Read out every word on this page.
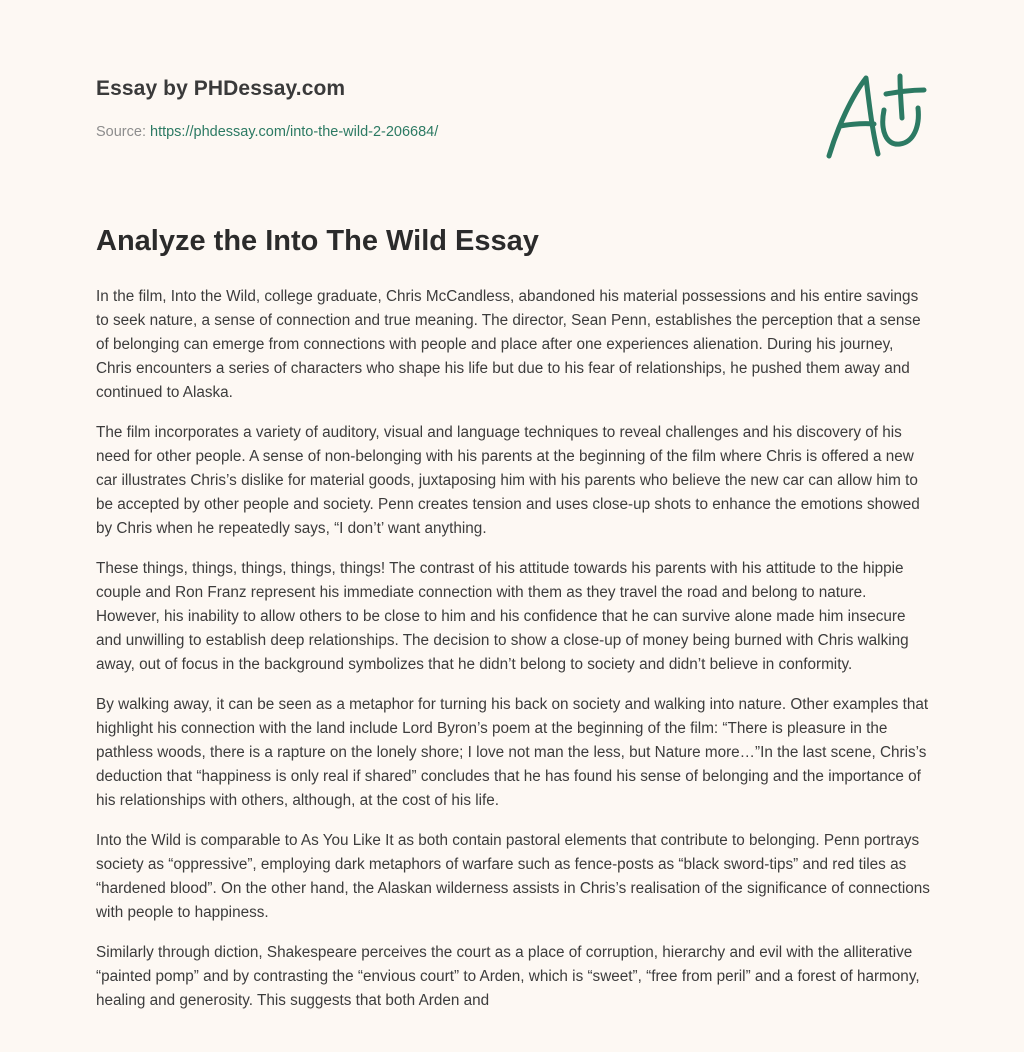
Essay by PHDessay.com
Source: https://phdessay.com/into-the-wild-2-206684/
Analyze the Into The Wild Essay

In the film, Into the Wild, college graduate, Chris McCandless, abandoned his material possessions and his entire savings to seek nature, a sense of connection and true meaning. The director, Sean Penn, establishes the perception that a sense of belonging can emerge from connections with people and place after one experiences alienation. During his journey, Chris encounters a series of characters who shape his life but due to his fear of relationships, he pushed them away and continued to Alaska.

The film incorporates a variety of auditory, visual and language techniques to reveal challenges and his discovery of his need for other people. A sense of non-belonging with his parents at the beginning of the film where Chris is offered a new car illustrates Chris’s dislike for material goods, juxtaposing him with his parents who believe the new car can allow him to be accepted by other people and society. Penn creates tension and uses close-up shots to enhance the emotions showed by Chris when he repeatedly says, “I don’t’ want anything.

These things, things, things, things, things! The contrast of his attitude towards his parents with his attitude to the hippie couple and Ron Franz represent his immediate connection with them as they travel the road and belong to nature. However, his inability to allow others to be close to him and his confidence that he can survive alone made him insecure and unwilling to establish deep relationships. The decision to show a close-up of money being burned with Chris walking away, out of focus in the background symbolizes that he didn’t belong to society and didn’t believe in conformity.

By walking away, it can be seen as a metaphor for turning his back on society and walking into nature. Other examples that highlight his connection with the land include Lord Byron’s poem at the beginning of the film: “There is pleasure in the pathless woods, there is a rapture on the lonely shore; I love not man the less, but Nature more…”In the last scene, Chris’s deduction that “happiness is only real if shared” concludes that he has found his sense of belonging and the importance of his relationships with others, although, at the cost of his life.

Into the Wild is comparable to As You Like It as both contain pastoral elements that contribute to belonging. Penn portrays society as “oppressive”, employing dark metaphors of warfare such as fence-posts as “black sword-tips” and red tiles as “hardened blood”. On the other hand, the Alaskan wilderness assists in Chris’s realisation of the significance of connections with people to happiness.

Similarly through diction, Shakespeare perceives the court as a place of corruption, hierarchy and evil with the alliterative “painted pomp” and by contrasting the “envious court” to Arden, which is “sweet”, “free from peril” and a forest of harmony, healing and generosity. This suggests that both Arden and
